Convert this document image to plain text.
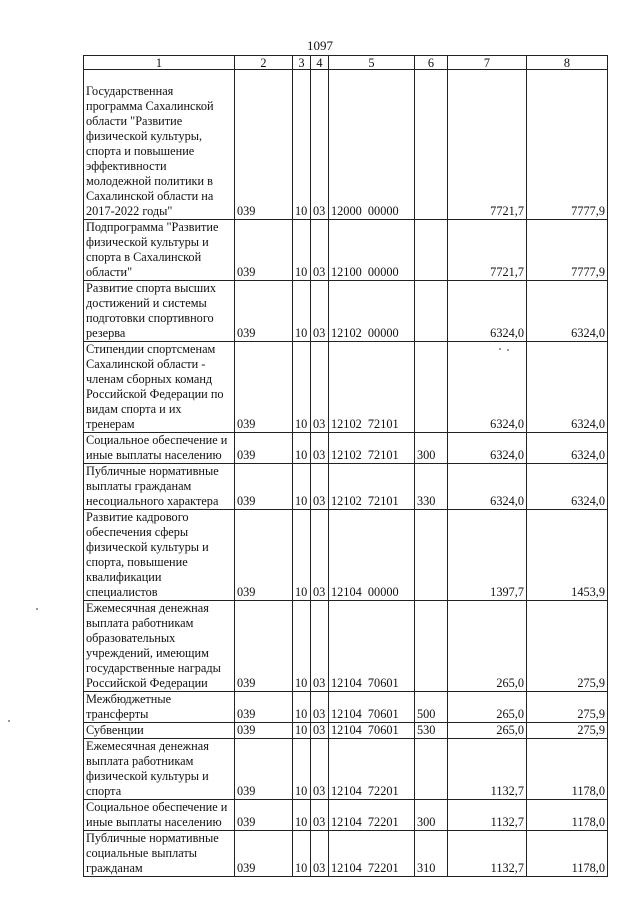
1097
1	2	3	4	5	6	7	8
Государственная программа Сахалинской области "Развитие физической культуры, спорта и повышение эффективности молодежной политики в Сахалинской области на 2017-2022 годы"	039	10	03	12000  00000		7721,7	7777,9
Подпрограмма "Развитие физической культуры и спорта в Сахалинской области"	039	10	03	12100  00000		7721,7	7777,9
Развитие спорта высших достижений и системы подготовки спортивного резерва	039	10	03	12102  00000		6324,0	6324,0
Стипендии спортсменам Сахалинской области - членам сборных команд Российской Федерации по видам спорта и их тренерам	039	10	03	12102  72101		6324,0	6324,0
Социальное обеспечение и иные выплаты населению	039	10	03	12102  72101	300	6324,0	6324,0
Публичные нормативные выплаты гражданам несоциального характера	039	10	03	12102  72101	330	6324,0	6324,0
Развитие кадрового обеспечения сферы физической культуры и спорта, повышение квалификации специалистов	039	10	03	12104  00000		1397,7	1453,9
Ежемесячная денежная выплата работникам образовательных учреждений, имеющим государственные награды Российской Федерации	039	10	03	12104  70601		265,0	275,9
Межбюджетные трансферты	039	10	03	12104  70601	500	265,0	275,9
Субвенции	039	10	03	12104  70601	530	265,0	275,9
Ежемесячная денежная выплата работникам физической культуры и спорта	039	10	03	12104  72201		1132,7	1178,0
Социальное обеспечение и иные выплаты населению	039	10	03	12104  72201	300	1132,7	1178,0
Публичные нормативные социальные выплаты гражданам	039	10	03	12104  72201	310	1132,7	1178,0
